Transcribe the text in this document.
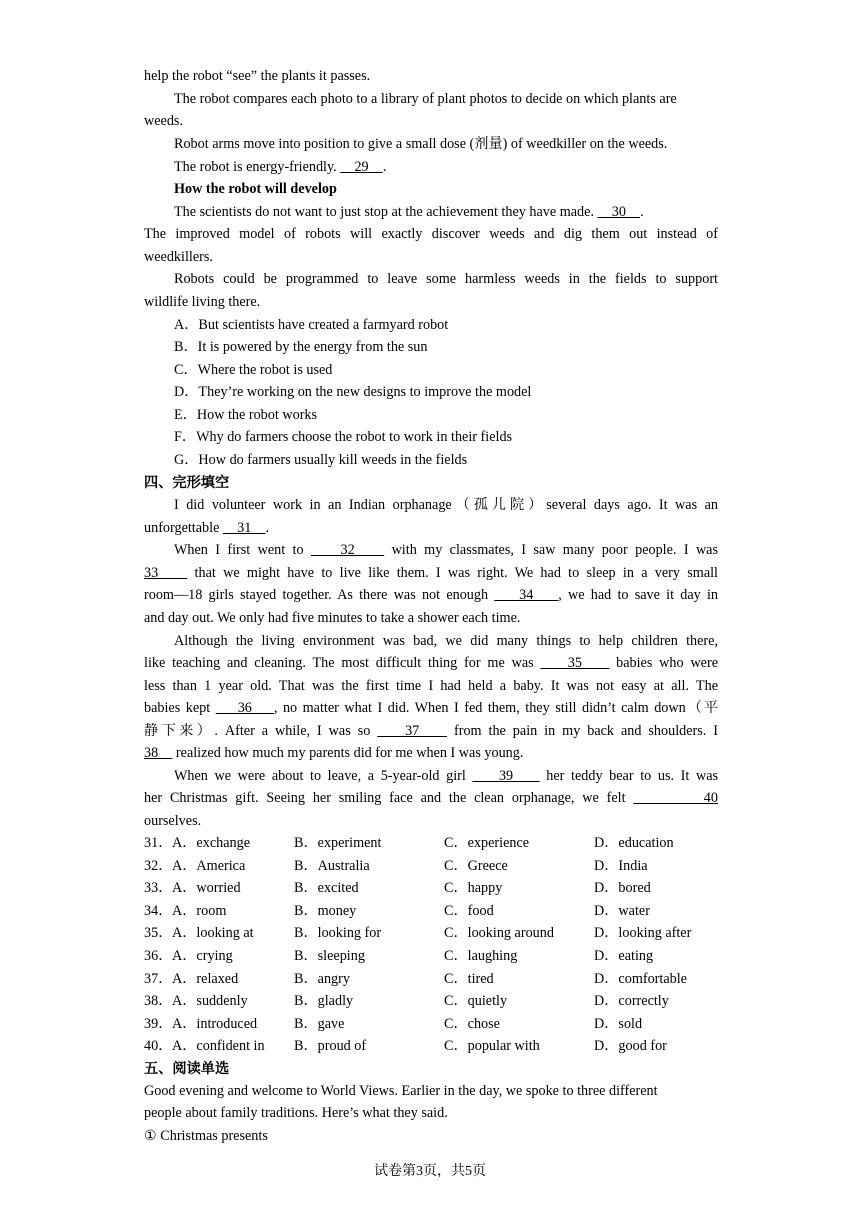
help the robot “see” the plants it passes.
The robot compares each photo to a library of plant photos to decide on which plants are
weeds.
Robot arms move into position to give a small dose (剂量) of weedkiller on the weeds.
The robot is energy-friendly.     29    .
How the robot will develop
The scientists do not want to just stop at the achievement they have made.     30    .
The improved model of robots will exactly discover weeds and dig them out instead of
weedkillers.
Robots could be programmed to leave some harmless weeds in the fields to support
wildlife living there.
A．But scientists have created a farmyard robot
B．It is powered by the energy from the sun
C．Where the robot is used
D．They’re working on the new designs to improve the model
E．How the robot works
F．Why do farmers choose the robot to work in their fields
G．How do farmers usually kill weeds in the fields
四、完形填空
I did volunteer work in an Indian orphanage（孤儿院）several days ago. It was an
unforgettable     31    .
When I first went to     32     with my classmates, I saw many poor people. I was
33     that we might have to live like them. I was right. We had to sleep in a very small
room—18 girls stayed together. As there was not enough     34    , we had to save it day in
and day out. We only had five minutes to take a shower each time.
Although the living environment was bad, we did many things to help children there,
like teaching and cleaning. The most difficult thing for me was     35     babies who were
less than 1 year old. That was the first time I had held a baby. It was not easy at all. The
babies kept     36    , no matter what I did. When I fed them, they still didn’t calm down（平
静下来）. After a while, I was so     37     from the pain in my back and shoulders. I
38     realized how much my parents did for me when I was young.
When we were about to leave, a 5-year-old girl     39     her teddy bear to us. It was
her Christmas gift. Seeing her smiling face and the clean orphanage, we felt          40
ourselves.
31． A．exchange	B．experiment	C．experience	D．education
32． A．America	B．Australia	C．Greece	D．India
33． A．worried	B．excited	C．happy	D．bored
34． A．room	B．money	C．food	D．water
35． A．looking at	B．looking for	C．looking around	D．looking after
36． A．crying	B．sleeping	C．laughing	D．eating
37． A．relaxed	B．angry	C．tired	D．comfortable
38． A．suddenly	B．gladly	C．quietly	D．correctly
39． A．introduced	B．gave	C．chose	D．sold
40． A．confident in B．proud of	C．popular with	D．good for
五、阅读单选
Good evening and welcome to World Views. Earlier in the day, we spoke to three different
people about family traditions. Here’s what they said.
① Christmas presents
试卷第3页，共5页
